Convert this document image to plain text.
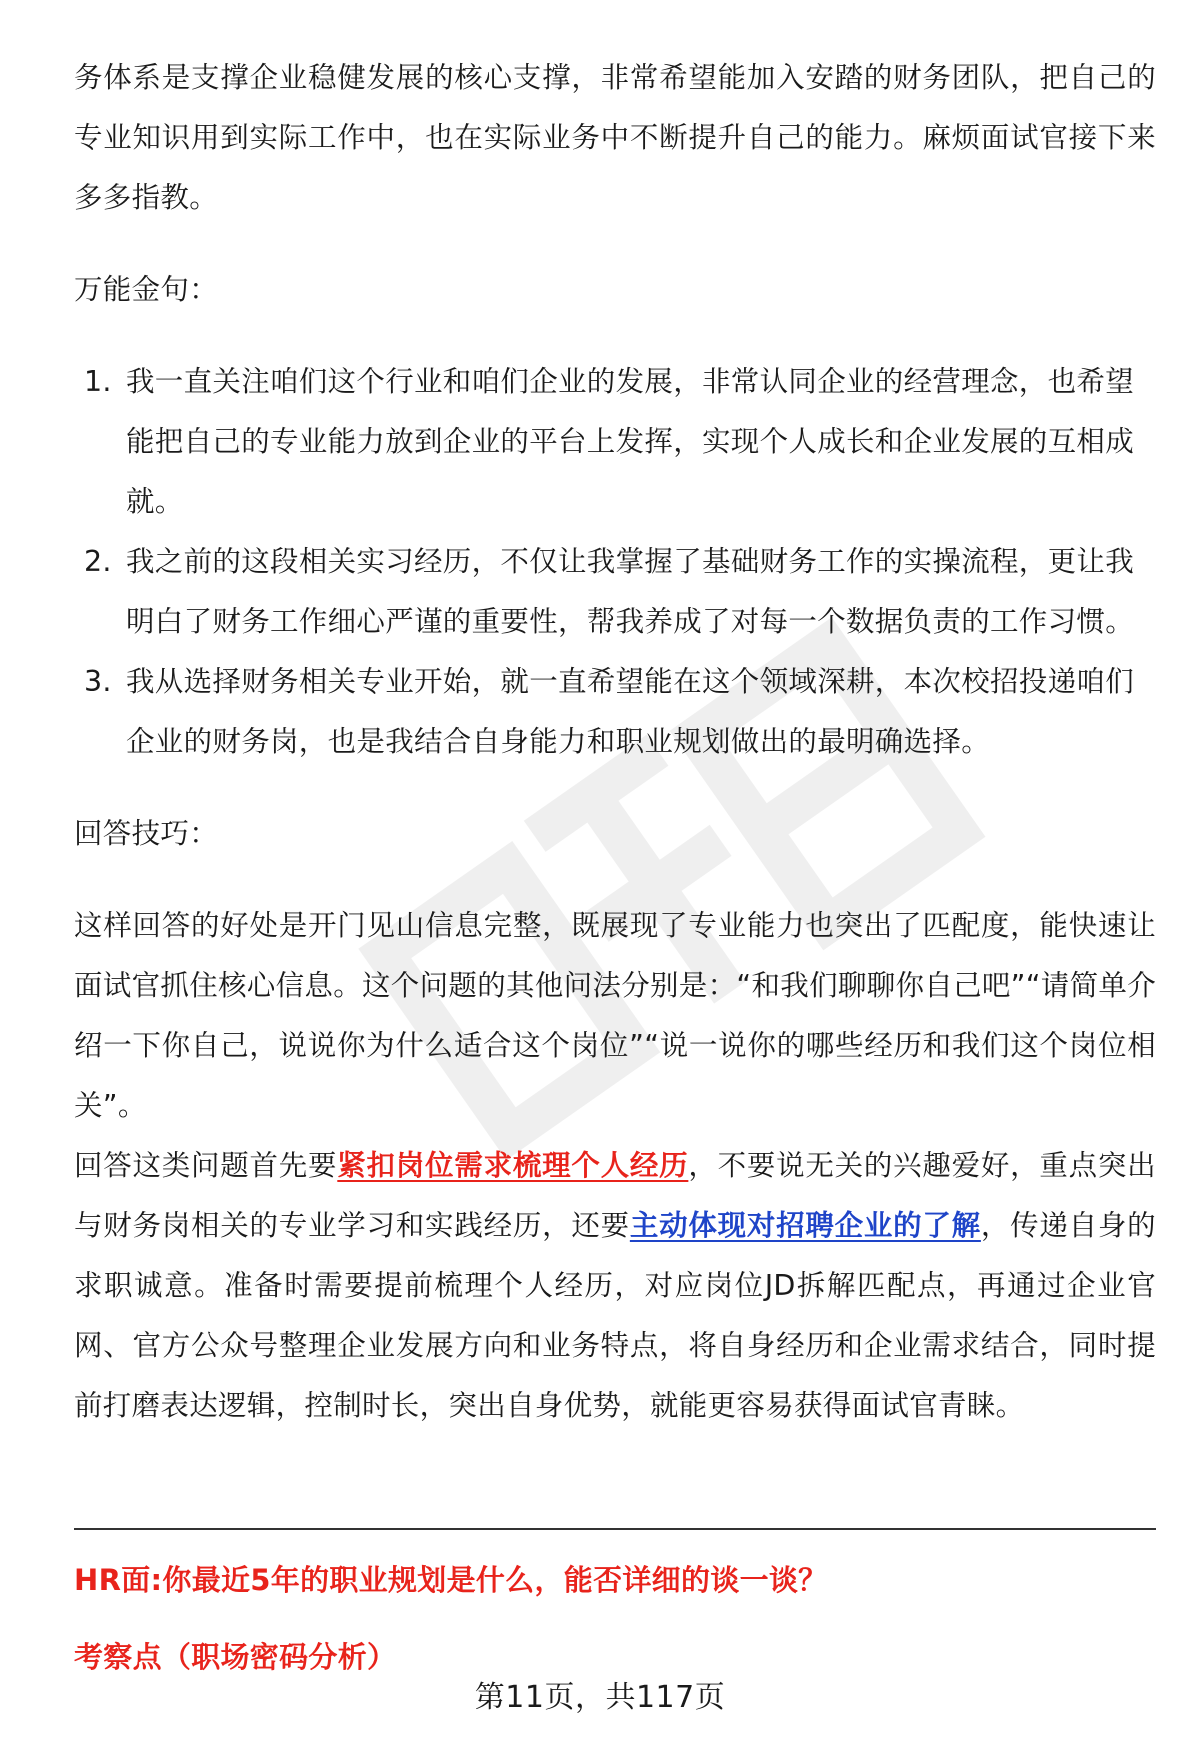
务体系是支撑企业稳健发展的核心支撑，非常希望能加入安踏的财务团队，把自己的专业知识用到实际工作中，也在实际业务中不断提升自己的能力。麻烦面试官接下来多多指教。

万能金句：

1. 我一直关注咱们这个行业和咱们企业的发展，非常认同企业的经营理念，也希望能把自己的专业能力放到企业的平台上发挥，实现个人成长和企业发展的互相成就。
2. 我之前的这段相关实习经历，不仅让我掌握了基础财务工作的实操流程，更让我明白了财务工作细心严谨的重要性，帮我养成了对每一个数据负责的工作习惯。
3. 我从选择财务相关专业开始，就一直希望能在这个领域深耕，本次校招投递咱们企业的财务岗，也是我结合自身能力和职业规划做出的最明确选择。

回答技巧：

这样回答的好处是开门见山信息完整，既展现了专业能力也突出了匹配度，能快速让面试官抓住核心信息。这个问题的其他问法分别是：“和我们聊聊你自己吧”“请简单介绍一下你自己，说说你为什么适合这个岗位”“说一说你的哪些经历和我们这个岗位相关”。

回答这类问题首先要紧扣岗位需求梳理个人经历，不要说无关的兴趣爱好，重点突出与财务岗相关的专业学习和实践经历，还要主动体现对招聘企业的了解，传递自身的求职诚意。准备时需要提前梳理个人经历，对应岗位JD拆解匹配点，再通过企业官网、官方公众号整理企业发展方向和业务特点，将自身经历和企业需求结合，同时提前打磨表达逻辑，控制时长，突出自身优势，就能更容易获得面试官青睐。

HR面:你最近5年的职业规划是什么，能否详细的谈一谈？
考察点（职场密码分析）
第11页，共117页
